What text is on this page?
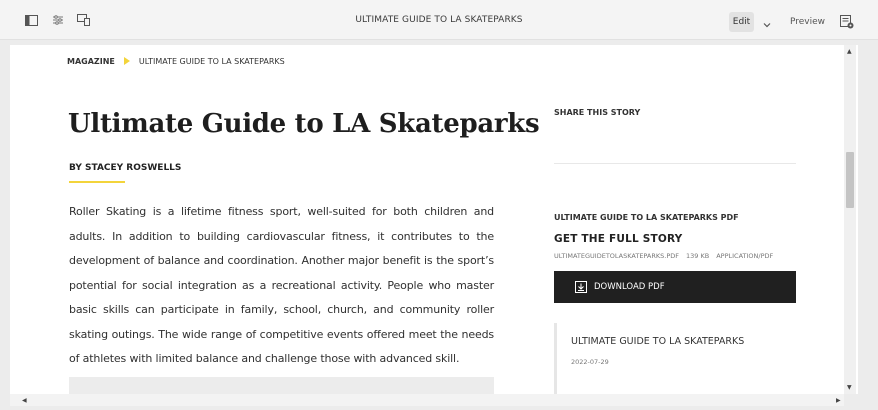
ULTIMATE GUIDE TO LA SKATEPARKS	Edit	Preview
MAGAZINE	ULTIMATE GUIDE TO LA SKATEPARKS
Ultimate Guide to LA Skateparks
BY STACEY ROSWELLS

Roller Skating is a lifetime fitness sport, well-suited for both children and adults. In addition to building cardiovascular fitness, it contributes to the development of balance and coordination. Another major benefit is the sport’s potential for social integration as a recreational activity. People who master basic skills can participate in family, school, church, and community roller skating outings. The wide range of competitive events offered meet the needs of athletes with limited balance and challenge those with advanced skill.

SHARE THIS STORY
ULTIMATE GUIDE TO LA SKATEPARKS PDF
GET THE FULL STORY
ULTIMATEGUIDETOLASKATEPARKS.PDF 139 KB APPLICATION/PDF
DOWNLOAD PDF
ULTIMATE GUIDE TO LA SKATEPARKS
2022-07-29
▲
▼
◀	▶
